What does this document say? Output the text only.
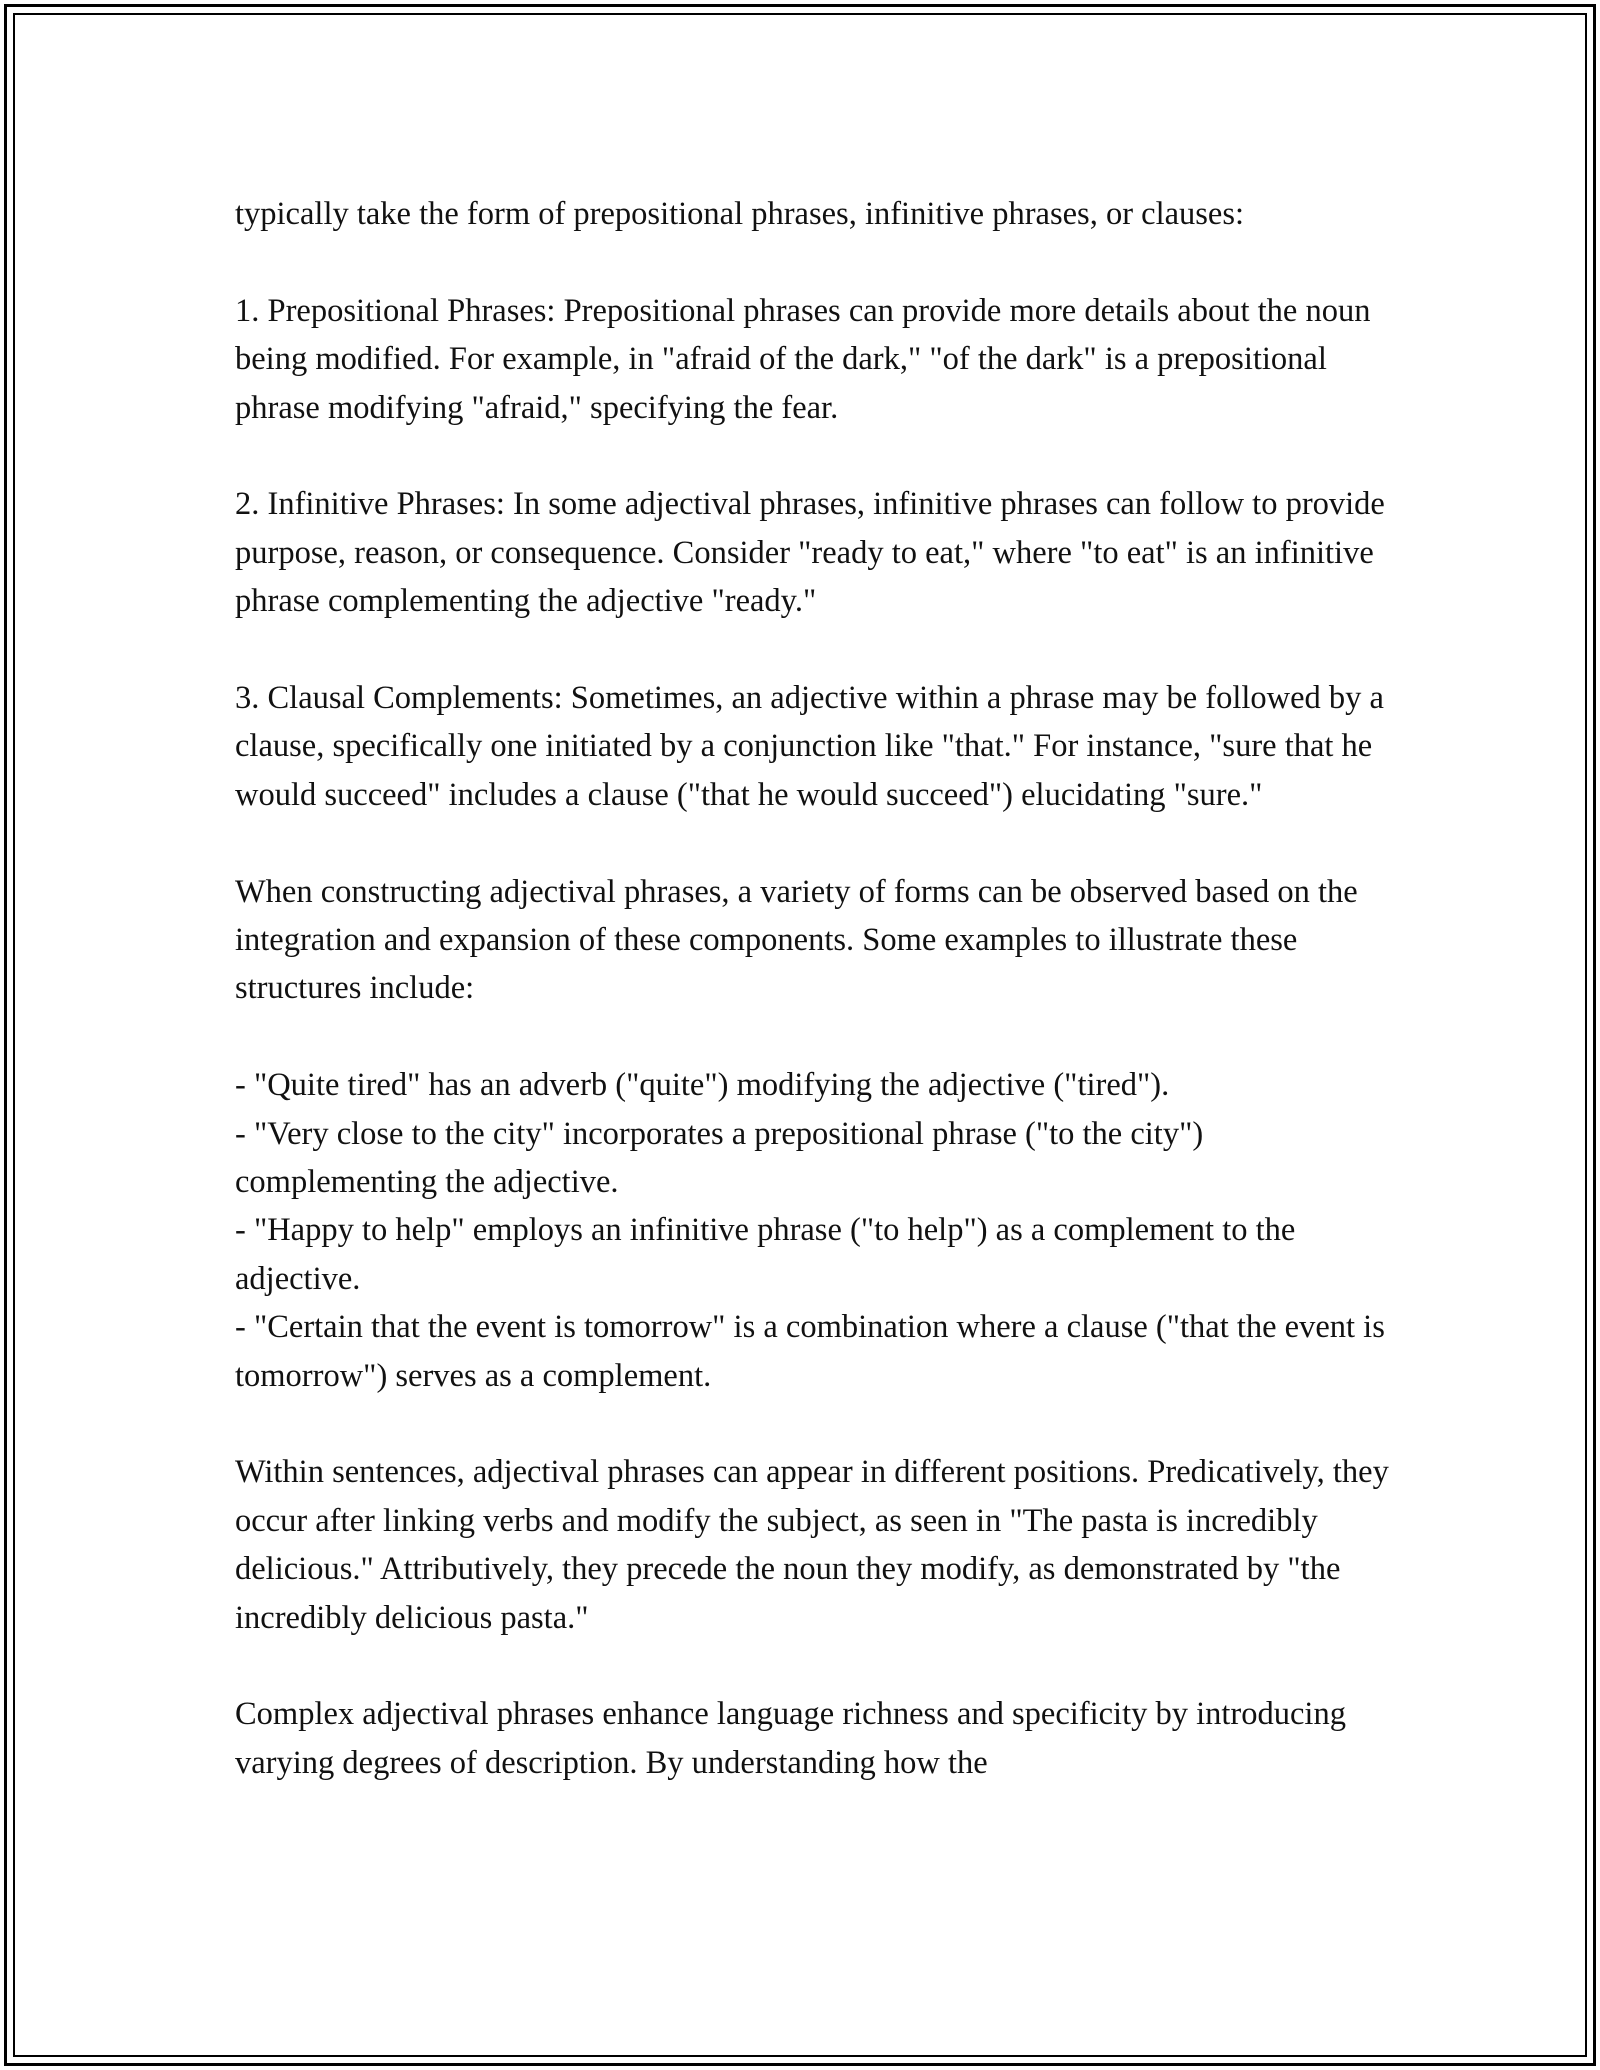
typically take the form of prepositional phrases, infinitive phrases, or clauses:

1. Prepositional Phrases: Prepositional phrases can provide more details about the noun being modified. For example, in "afraid of the dark," "of the dark" is a prepositional phrase modifying "afraid," specifying the fear.

2. Infinitive Phrases: In some adjectival phrases, infinitive phrases can follow to provide purpose, reason, or consequence. Consider "ready to eat," where "to eat" is an infinitive phrase complementing the adjective "ready."

3. Clausal Complements: Sometimes, an adjective within a phrase may be followed by a clause, specifically one initiated by a conjunction like "that." For instance, "sure that he would succeed" includes a clause ("that he would succeed") elucidating "sure."

When constructing adjectival phrases, a variety of forms can be observed based on the integration and expansion of these components. Some examples to illustrate these structures include:

- "Quite tired" has an adverb ("quite") modifying the adjective ("tired").
- "Very close to the city" incorporates a prepositional phrase ("to the city") complementing the adjective.
- "Happy to help" employs an infinitive phrase ("to help") as a complement to the adjective.
- "Certain that the event is tomorrow" is a combination where a clause ("that the event is tomorrow") serves as a complement.

Within sentences, adjectival phrases can appear in different positions. Predicatively, they occur after linking verbs and modify the subject, as seen in "The pasta is incredibly delicious." Attributively, they precede the noun they modify, as demonstrated by "the incredibly delicious pasta."

Complex adjectival phrases enhance language richness and specificity by introducing varying degrees of description. By understanding how the
